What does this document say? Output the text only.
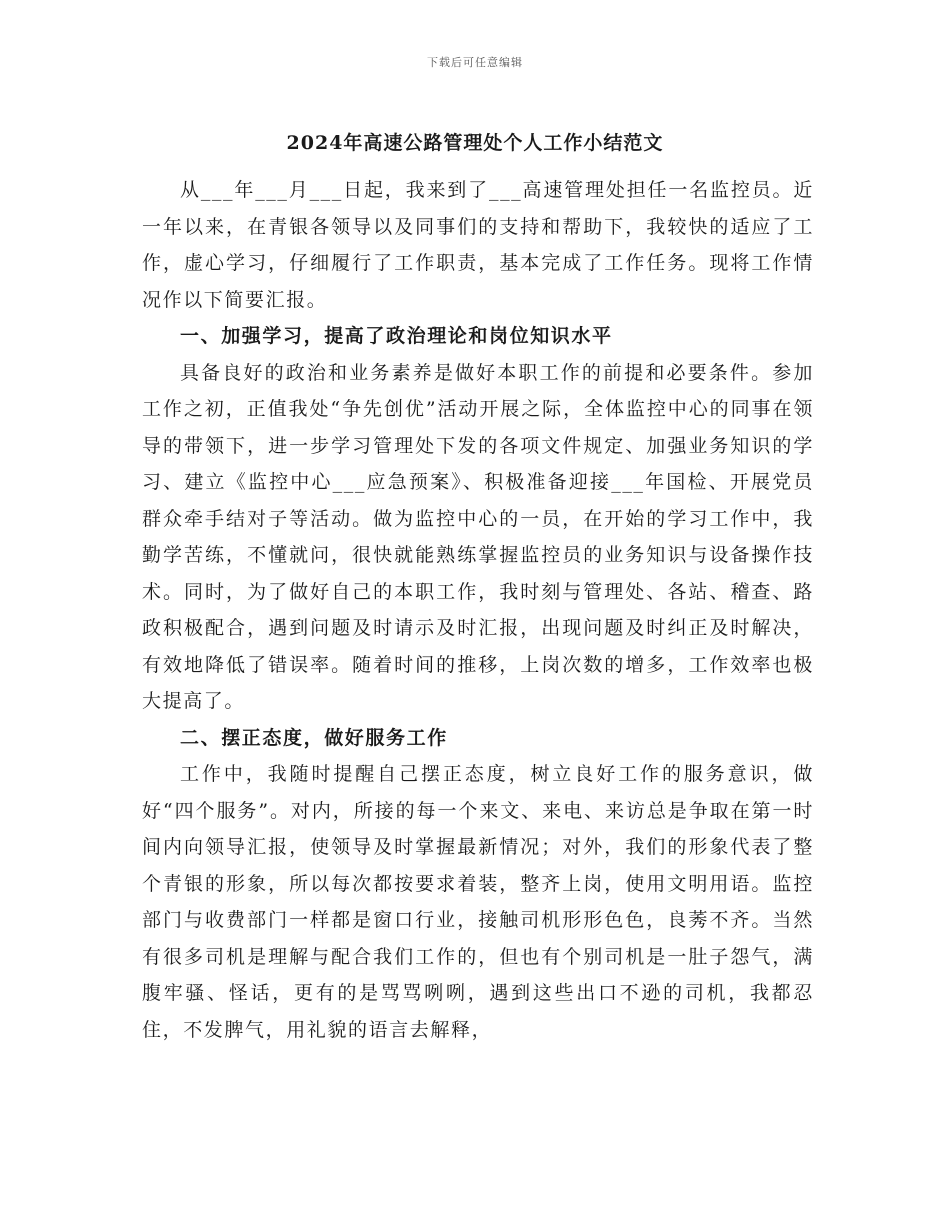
下载后可任意编辑
2024年高速公路管理处个人工作小结范文

从___年___月___日起，我来到了___高速管理处担任一名监控员。近一年以来，在青银各领导以及同事们的支持和帮助下，我较快的适应了工作，虚心学习，仔细履行了工作职责，基本完成了工作任务。现将工作情况作以下简要汇报。

一、加强学习，提高了政治理论和岗位知识水平

具备良好的政治和业务素养是做好本职工作的前提和必要条件。参加工作之初，正值我处“争先创优”活动开展之际，全体监控中心的同事在领导的带领下，进一步学习管理处下发的各项文件规定、加强业务知识的学习、建立《监控中心___应急预案》、积极准备迎接___年国检、开展党员群众牵手结对子等活动。做为监控中心的一员，在开始的学习工作中，我勤学苦练，不懂就问，很快就能熟练掌握监控员的业务知识与设备操作技术。同时，为了做好自己的本职工作，我时刻与管理处、各站、稽查、路政积极配合，遇到问题及时请示及时汇报，出现问题及时纠正及时解决，有效地降低了错误率。随着时间的推移，上岗次数的增多，工作效率也极大提高了。

二、摆正态度，做好服务工作

工作中，我随时提醒自己摆正态度，树立良好工作的服务意识，做好“四个服务”。对内，所接的每一个来文、来电、来访总是争取在第一时间内向领导汇报，使领导及时掌握最新情况；对外，我们的形象代表了整个青银的形象，所以每次都按要求着装，整齐上岗，使用文明用语。监控部门与收费部门一样都是窗口行业，接触司机形形色色，良莠不齐。当然有很多司机是理解与配合我们工作的，但也有个别司机是一肚子怨气，满腹牢骚、怪话，更有的是骂骂咧咧，遇到这些出口不逊的司机，我都忍住，不发脾气，用礼貌的语言去解释，
